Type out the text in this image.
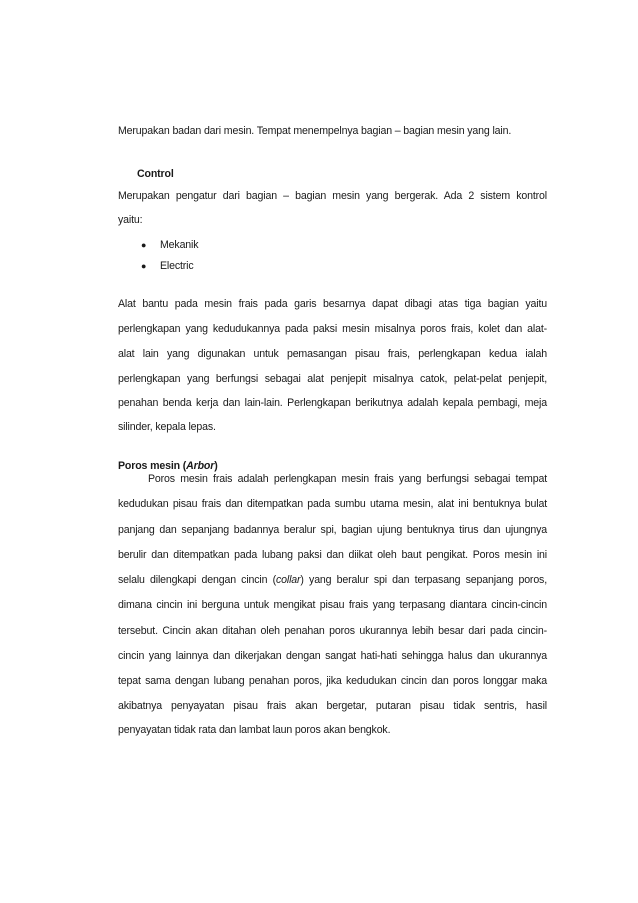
Merupakan badan dari mesin. Tempat menempelnya bagian – bagian mesin yang lain.
Control
Merupakan pengatur dari bagian – bagian mesin yang bergerak. Ada 2 sistem kontrol
yaitu:
● Mekanik
● Electric
Alat bantu pada mesin frais pada garis besarnya dapat dibagi atas tiga bagian yaitu
perlengkapan yang kedudukannya pada paksi mesin misalnya poros frais, kolet dan alat-
alat lain yang digunakan untuk pemasangan pisau frais, perlengkapan kedua ialah
perlengkapan yang berfungsi sebagai alat penjepit misalnya catok, pelat-pelat penjepit,
penahan benda kerja dan lain-lain. Perlengkapan berikutnya adalah kepala pembagi, meja
silinder, kepala lepas.
Poros mesin (Arbor)
Poros mesin frais adalah perlengkapan mesin frais yang berfungsi sebagai tempat
kedudukan pisau frais dan ditempatkan pada sumbu utama mesin, alat ini bentuknya bulat
panjang dan sepanjang badannya beralur spi, bagian ujung bentuknya tirus dan ujungnya
berulir dan ditempatkan pada lubang paksi dan diikat oleh baut pengikat. Poros mesin ini
selalu dilengkapi dengan cincin (collar) yang beralur spi dan terpasang sepanjang poros,
dimana cincin ini berguna untuk mengikat pisau frais yang terpasang diantara cincin-cincin
tersebut. Cincin akan ditahan oleh penahan poros ukurannya lebih besar dari pada cincin-
cincin yang lainnya dan dikerjakan dengan sangat hati-hati sehingga halus dan ukurannya
tepat sama dengan lubang penahan poros, jika kedudukan cincin dan poros longgar maka
akibatnya penyayatan pisau frais akan bergetar, putaran pisau tidak sentris, hasil
penyayatan tidak rata dan lambat laun poros akan bengkok.
